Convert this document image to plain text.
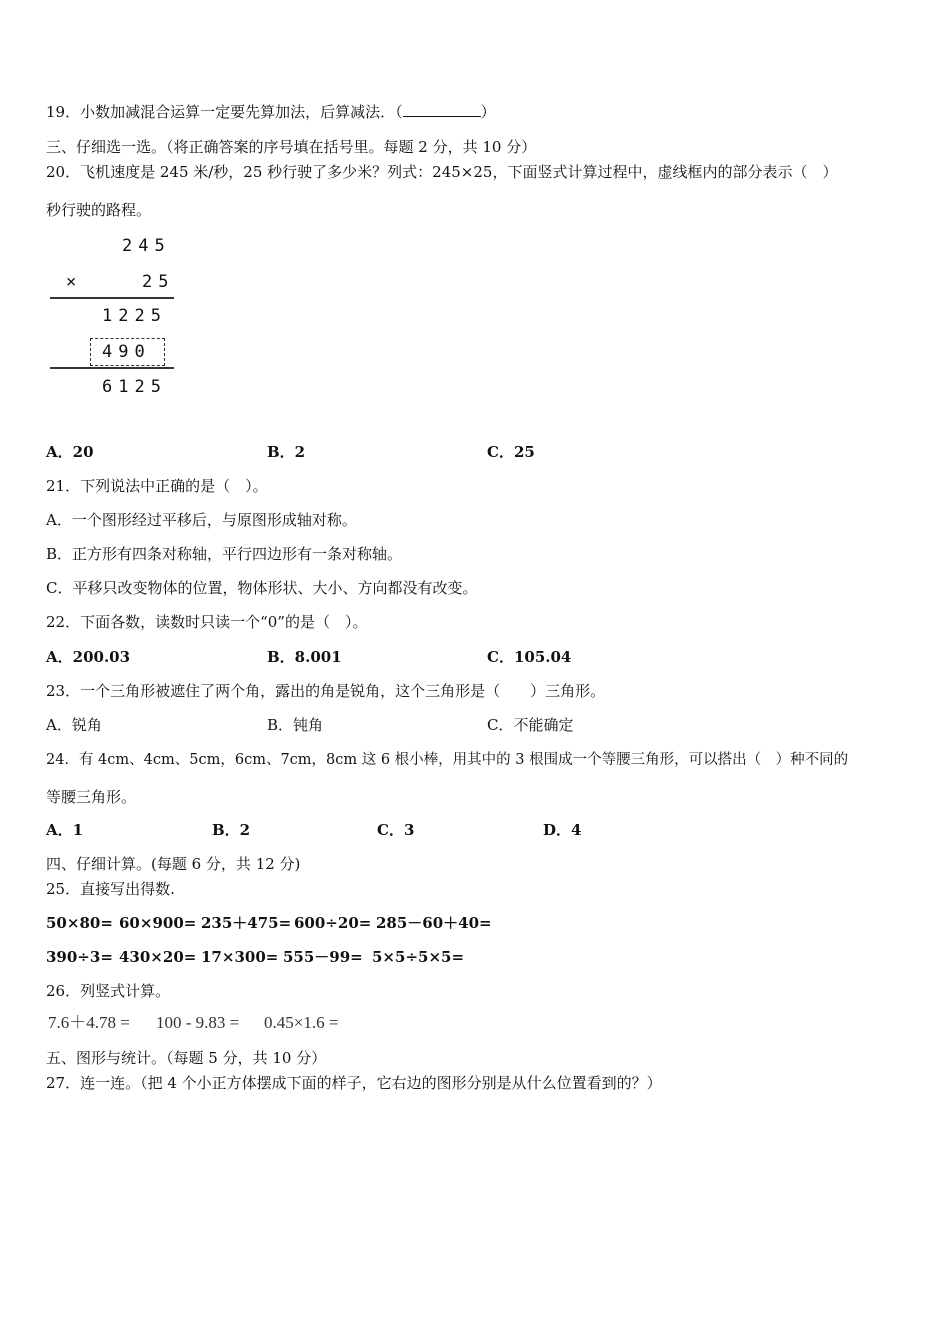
19．小数加减混合运算一定要先算加法，后算减法．（	）
三、仔细选一选。（将正确答案的序号填在括号里。每题 2 分，共 10 分）
20．飞机速度是 245 米/秒，25 秒行驶了多少米？列式：245×25，下面竖式计算过程中，虚线框内的部分表示（　）
秒行驶的路程。
245
×	25
1225
490
6125
A．20	B．2	C．25
21．下列说法中正确的是（　）。
A．一个图形经过平移后，与原图形成轴对称。
B．正方形有四条对称轴，平行四边形有一条对称轴。
C．平移只改变物体的位置，物体形状、大小、方向都没有改变。
22．下面各数，读数时只读一个“0”的是（　）。
A．200.03	B．8.001	C．105.04
23．一个三角形被遮住了两个角，露出的角是锐角，这个三角形是（　　）三角形。
A．锐角	B．钝角	C．不能确定
24．有 4cm、4cm、5cm，6cm、7cm，8cm 这 6 根小棒，用其中的 3 根围成一个等腰三角形，可以搭出（　）种不同的
等腰三角形。
A．1	B．2	C．3	D．4
四、仔细计算。(每题 6 分，共 12 分)
25．直接写出得数.
50×80= 60×900= 235＋475= 600÷20= 285－60＋40=
390÷3= 430×20= 17×300= 555－99= 5×5÷5×5=
26．列竖式计算。
7.6＋4.78 = 100 - 9.83 = 0.45×1.6 =
五、图形与统计。（每题 5 分，共 10 分）
27．连一连。（把 4 个小正方体摆成下面的样子，它右边的图形分别是从什么位置看到的？）
